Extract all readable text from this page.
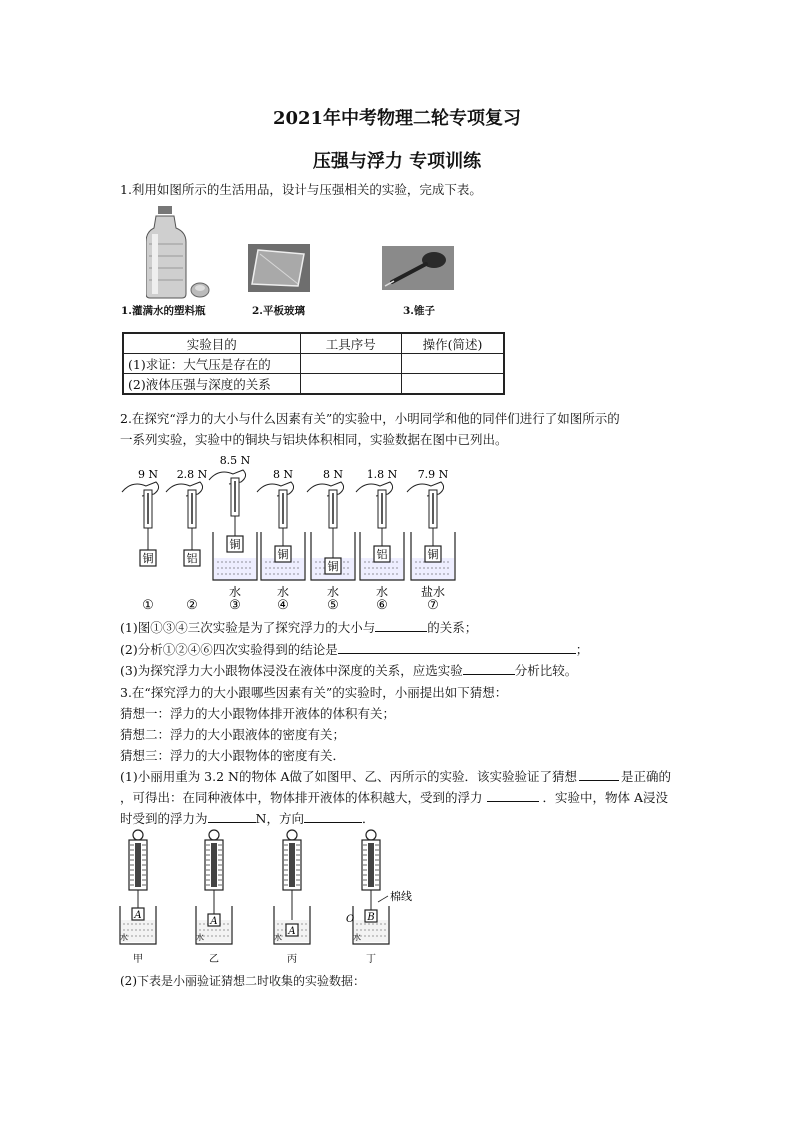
2021年中考物理二轮专项复习
压强与浮力 专项训练
1.利用如图所示的生活用品，设计与压强相关的实验，完成下表。
1.灌满水的塑料瓶	2.平板玻璃	3.锥子
实验目的	工具序号	操作(简述)
(1)求证：大气压是存在的		
(2)液体压强与深度的关系		
2.在探究“浮力的大小与什么因素有关”的实验中，小明同学和他的同伴们进行了如图所示的
一系列实验，实验中的铜块与铝块体积相同，实验数据在图中已列出。
9 N
铜
①
2.8 N
铝
②
8.5 N
水
铜
③
8 N
水
铜
④
8 N
水
铜
⑤
1.8 N
水
铝
⑥
7.9 N
盐水
铜
⑦
(1)图①③④三次实验是为了探究浮力的大小与	的关系；
(2)分析①②④⑥四次实验得到的结论是	；
(3)为探究浮力大小跟物体浸没在液体中深度的关系，应选实验	分析比较。
3.在“探究浮力的大小跟哪些因素有关”的实验时，小丽提出如下猜想：
猜想一：浮力的大小跟物体排开液体的体积有关；
猜想二：浮力的大小跟液体的密度有关；
猜想三：浮力的大小跟物体的密度有关．
(1)小丽用重为 3.2 N的物体 A做了如图甲、乙、丙所示的实验．该实验验证了猜想	是正确的
，可得出：在同种液体中，物体排开液体的体积越大，受到的浮力	．实验中，物体 A浸没
时受到的浮力为	N，方向	．
A
水
甲
A
水
乙
A
水
丙
B
水
丁
棉线
O
(2)下表是小丽验证猜想二时收集的实验数据：
